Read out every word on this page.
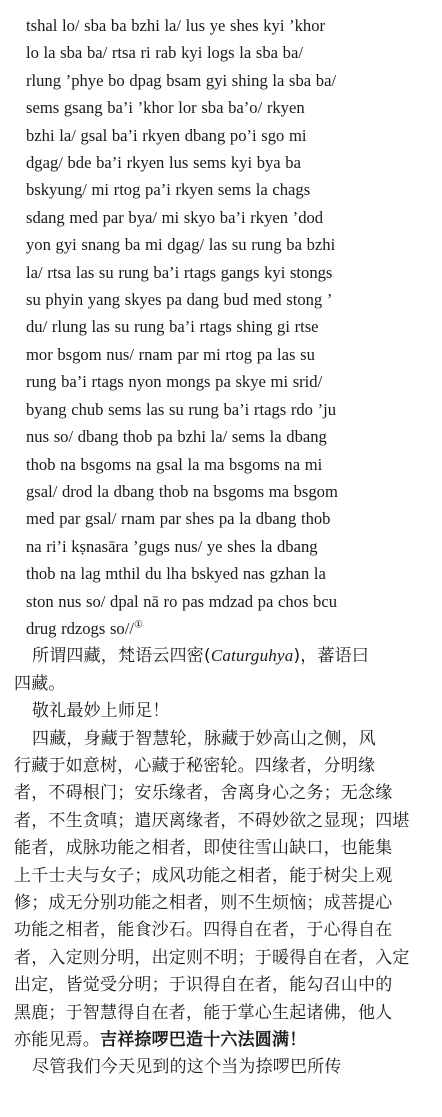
tshal lo/ sba ba bzhi la/ lus ye shes kyi ’khor
lo la sba ba/ rtsa ri rab kyi logs la sba ba/
rlung ’phye bo dpag bsam gyi shing la sba ba/
sems gsang ba’i ’khor lor sba ba’o/ rkyen
bzhi la/ gsal ba’i rkyen dbang po’i sgo mi
dgag/ bde ba’i rkyen lus sems kyi bya ba
bskyung/ mi rtog pa’i rkyen sems la chags
sdang med par bya/ mi skyo ba’i rkyen ’dod
yon gyi snang ba mi dgag/ las su rung ba bzhi
la/ rtsa las su rung ba’i rtags gangs kyi stongs
su phyin yang skyes pa dang bud med stong ’
du/ rlung las su rung ba’i rtags shing gi rtse
mor bsgom nus/ rnam par mi rtog pa las su
rung ba’i rtags nyon mongs pa skye mi srid/
byang chub sems las su rung ba’i rtags rdo ’ju
nus so/ dbang thob pa bzhi la/ sems la dbang
thob na bsgoms na gsal la ma bsgoms na mi
gsal/ drod la dbang thob na bsgoms ma bsgom
med par gsal/ rnam par shes pa la dbang thob
na ri’i kṣnasāra ’gugs nus/ ye shes la dbang
thob na lag mthil du lha bskyed nas gzhan la
ston nus so/ dpal nā ro pas mdzad pa chos bcu
drug rdzogs so//①
所谓四藏，梵语云四密(Caturguhya)，蕃语曰
四藏。
敬礼最妙上师足！
四藏，身藏于智慧轮，脉藏于妙高山之侧，风
行藏于如意树，心藏于秘密轮。四缘者，分明缘
者，不碍根门；安乐缘者，舍离身心之务；无念缘
者，不生贪嗔；遣厌离缘者，不碍妙欲之显现；四堪
能者，成脉功能之相者，即使往雪山缺口，也能集
上千士夫与女子；成风功能之相者，能于树尖上观
修；成无分别功能之相者，则不生烦恼；成菩提心
功能之相者，能食沙石。四得自在者，于心得自在
者，入定则分明，出定则不明；于暖得自在者，入定
出定，皆觉受分明；于识得自在者，能勾召山中的
黑鹿；于智慧得自在者，能于掌心生起诸佛，他人
亦能见焉。吉祥捺啰巴造十六法圆满！
尽管我们今天见到的这个当为捺啰巴所传
